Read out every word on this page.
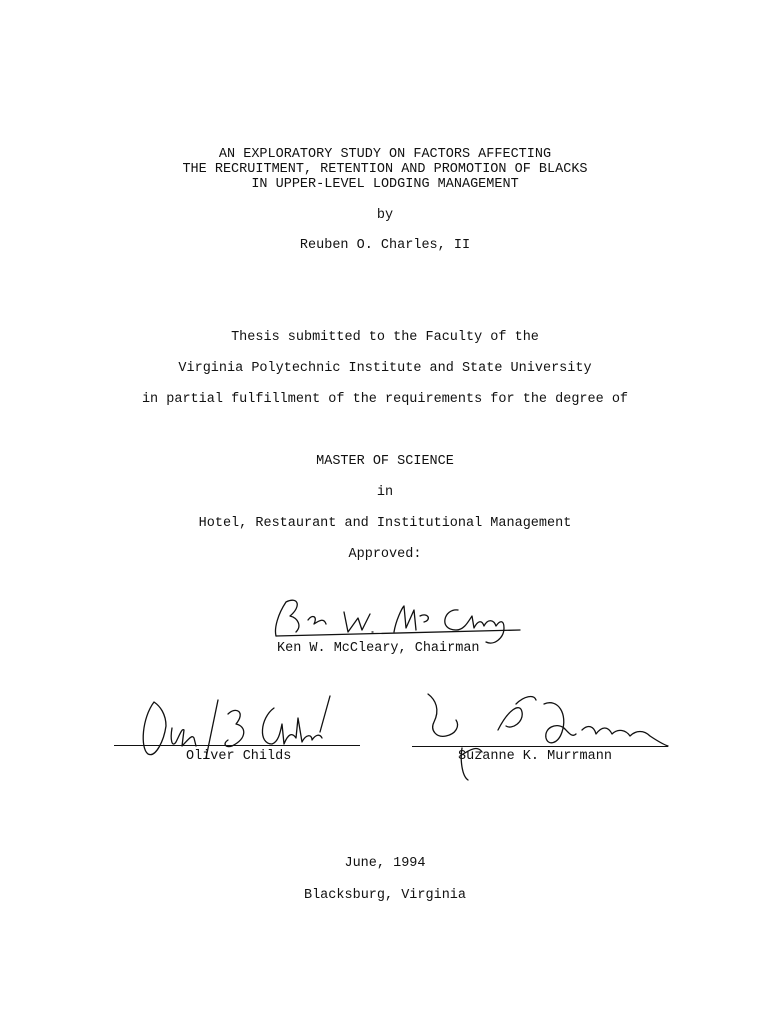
AN EXPLORATORY STUDY ON FACTORS AFFECTING
THE RECRUITMENT, RETENTION AND PROMOTION OF BLACKS
IN UPPER-LEVEL LODGING MANAGEMENT
by
Reuben O. Charles, II
Thesis submitted to the Faculty of the
Virginia Polytechnic Institute and State University
in partial fulfillment of the requirements for the degree of
MASTER OF SCIENCE
in
Hotel, Restaurant and Institutional Management
Approved:
Ken W. McCleary, Chairman
Oliver Childs	Suzanne K. Murrmann
June, 1994
Blacksburg, Virginia
